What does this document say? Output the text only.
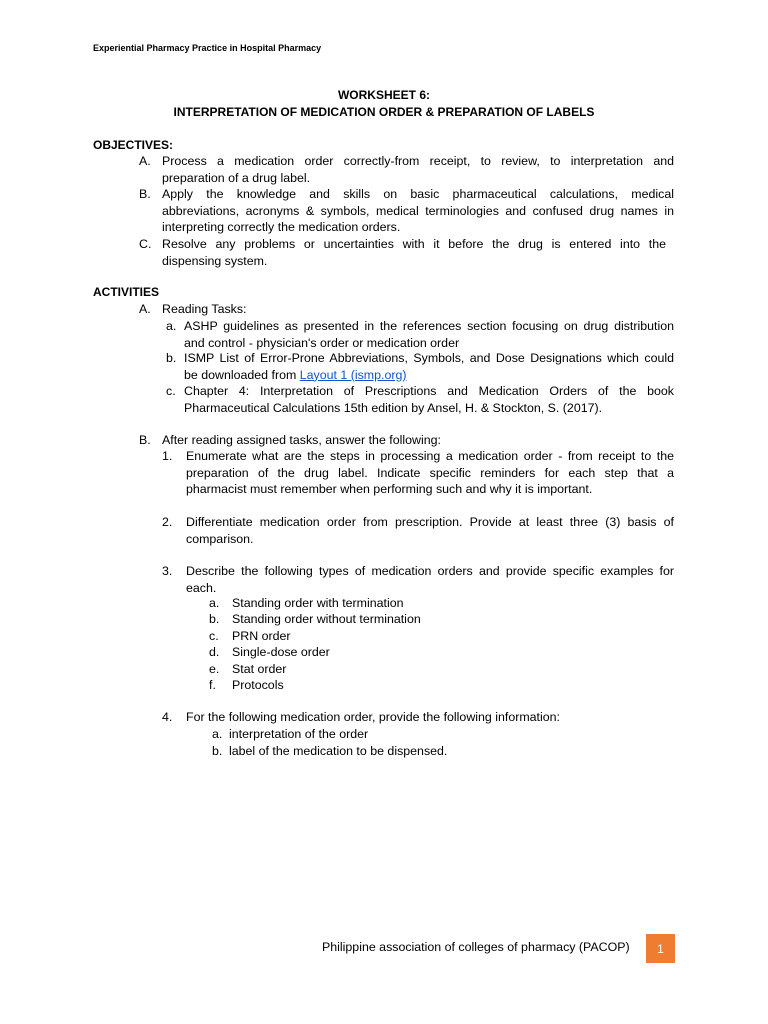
Experiential Pharmacy Practice in Hospital Pharmacy
WORKSHEET 6:
INTERPRETATION OF MEDICATION ORDER & PREPARATION OF LABELS
OBJECTIVES:
A. Process a medication order correctly-from receipt, to review, to interpretation and
preparation of a drug label.
B. Apply the knowledge and skills on basic pharmaceutical calculations, medical
abbreviations, acronyms & symbols, medical terminologies and confused drug names in
interpreting correctly the medication orders.
C. Resolve any problems or uncertainties with it before the drug is entered into the
dispensing system.
ACTIVITIES
A. Reading Tasks:
a. ASHP guidelines as presented in the references section focusing on drug distribution
and control - physician's order or medication order
b. ISMP List of Error-Prone Abbreviations, Symbols, and Dose Designations which could
be downloaded from Layout 1 (ismp.org)
c. Chapter 4: Interpretation of Prescriptions and Medication Orders of the book
Pharmaceutical Calculations 15th edition by Ansel, H. & Stockton, S. (2017).
B. After reading assigned tasks, answer the following:
1. Enumerate what are the steps in processing a medication order - from receipt to the
preparation of the drug label. Indicate specific reminders for each step that a
pharmacist must remember when performing such and why it is important.
2. Differentiate medication order from prescription. Provide at least three (3) basis of
comparison.
3. Describe the following types of medication orders and provide specific examples for
each.
a. Standing order with termination
b. Standing order without termination
c. PRN order
d. Single-dose order
e. Stat order
f. Protocols
4. For the following medication order, provide the following information:
a. interpretation of the order
b. label of the medication to be dispensed.
Philippine association of colleges of pharmacy (PACOP) 1
